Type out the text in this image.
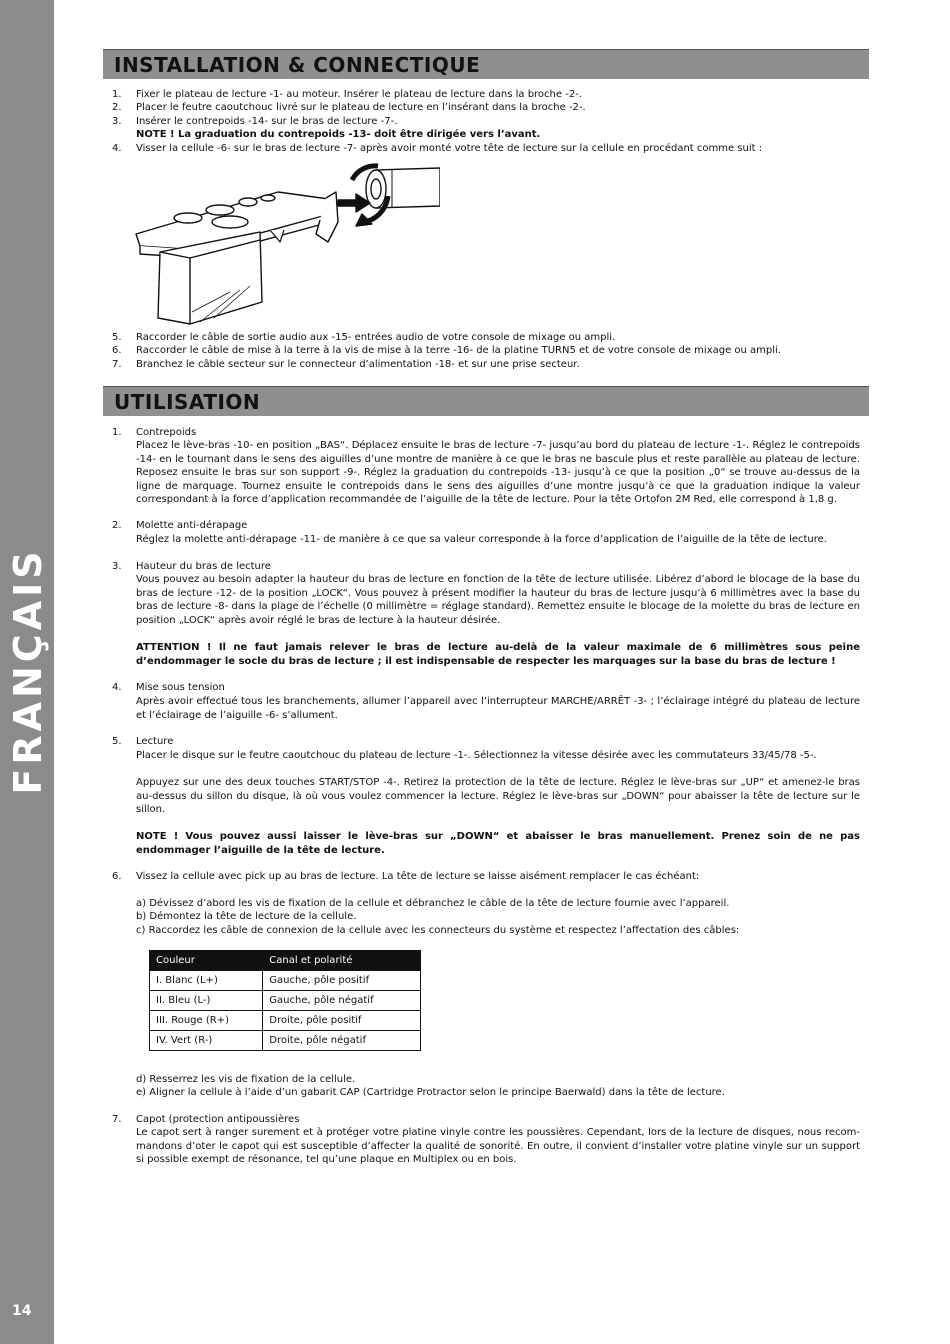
FRANÇAIS
14
INSTALLATION & CONNECTIQUE
1. Fixer le plateau de lecture -1- au moteur. Insérer le plateau de lecture dans la broche -2-.
2. Placer le feutre caoutchouc livré sur le plateau de lecture en l’insérant dans la broche -2-.
3. Insérer le contrepoids -14- sur le bras de lecture -7-.
NOTE ! La graduation du contrepoids -13- doit être dirigée vers l’avant.
4. Visser la cellule -6- sur le bras de lecture -7- après avoir monté votre tête de lecture sur la cellule en procédant comme suit :
5. Raccorder le câble de sortie audio aux -15- entrées audio de votre console de mixage ou ampli.
6. Raccorder le câble de mise à la terre à la vis de mise à la terre -16- de la platine TURN5 et de votre console de mixage ou ampli.
7. Branchez le câble secteur sur le connecteur d’alimentation -18- et sur une prise secteur.
UTILISATION
1. Contrepoids

Placez le lève-bras -10- en position „BAS“. Déplacez ensuite le bras de lecture -7- jusqu’au bord du plateau de lecture -1-. Réglez le contrepoids -14- en le tournant dans le sens des aiguilles d’une montre de manière à ce que le bras ne bascule plus et reste parallèle au plateau de lecture. Reposez ensuite le bras sur son support -9-. Réglez la graduation du contrepoids -13- jusqu’à ce que la position „0“ se trouve au-dessus de la ligne de marquage. Tournez ensuite le contrepoids dans le sens des aiguilles d’une montre jusqu’à ce que la graduation indique la valeur correspondant à la force d’application recommandée de l’aiguille de la tête de lecture. Pour la tête Ortofon 2M Red, elle correspond à 1,8 g.

2. Molette anti-dérapage

Réglez la molette anti-dérapage -11- de manière à ce que sa valeur corresponde à la force d’application de l’aiguille de la tête de lecture.

3. Hauteur du bras de lecture

Vous pouvez au besoin adapter la hauteur du bras de lecture en fonction de la tête de lecture utilisée. Libérez d’abord le blocage de la base du bras de lecture -12- de la position „LOCK“. Vous pouvez à présent modifier la hauteur du bras de lecture jusqu’à 6 millimètres avec la base du bras de lecture -8- dans la plage de l’échelle (0 millimètre = réglage standard). Remettez ensuite le blocage de la molette du bras de lecture en position „LOCK“ après avoir réglé le bras de lecture à la hauteur désirée.

ATTENTION ! Il ne faut jamais relever le bras de lecture au-delà de la valeur maximale de 6 millimètres sous peine d’endommager le socle du bras de lecture ; il est indispensable de respecter les marquages sur la base du bras de lecture !

4. Mise sous tension

Après avoir effectué tous les branchements, allumer l’appareil avec l’interrupteur MARCHE/ARRÊT -3- ; l’éclairage intégré du plateau de lecture et l’éclairage de l’aiguille -6- s’allument.

5. Lecture

Placer le disque sur le feutre caoutchouc du plateau de lecture -1-. Sélectionnez la vitesse désirée avec les commutateurs 33/45/78 -5-.

Appuyez sur une des deux touches START/STOP -4-. Retirez la protection de la tête de lecture. Réglez le lève-bras sur „UP“ et amenez-le bras au-dessus du sillon du disque, là où vous voulez commencer la lecture. Réglez le lève-bras sur „DOWN“ pour abaisser la tête de lecture sur le sillon.

NOTE ! Vous pouvez aussi laisser le lève-bras sur „DOWN“ et abaisser le bras manuellement. Prenez soin de ne pas endommager l’aiguille de la tête de lecture.

6. Vissez la cellule avec pick up au bras de lecture. La tête de lecture se laisse aisément remplacer le cas échéant:
a) Dévissez d’abord les vis de fixation de la cellule et débranchez le câble de la tête de lecture fournie avec l’appareil.
b) Démontez la tête de lecture de la cellule.
c) Raccordez les câble de connexion de la cellule avec les connecteurs du système et respectez l’affectation des câbles:
Couleur	Canal et polarité
I. Blanc (L+)	Gauche, pôle positif
II. Bleu (L-)	Gauche, pôle négatif
III. Rouge (R+)	Droite, pôle positif
IV. Vert (R-)	Droite, pôle négatif
d) Resserrez les vis de fixation de la cellule.
e) Aligner la cellule à l’aide d’un gabarit CAP (Cartridge Protractor selon le principe Baerwald) dans la tête de lecture.
7. Capot (protection antipoussières

Le capot sert à ranger surement et à protéger votre platine vinyle contre les poussières. Cependant, lors de la lecture de disques, nous recommandons d’oter le capot qui est susceptible d’affecter la qualité de sonorité. En outre, il convient d’installer votre platine vinyle sur un support si possible exempt de résonance, tel qu’une plaque en Multiplex ou en bois.
